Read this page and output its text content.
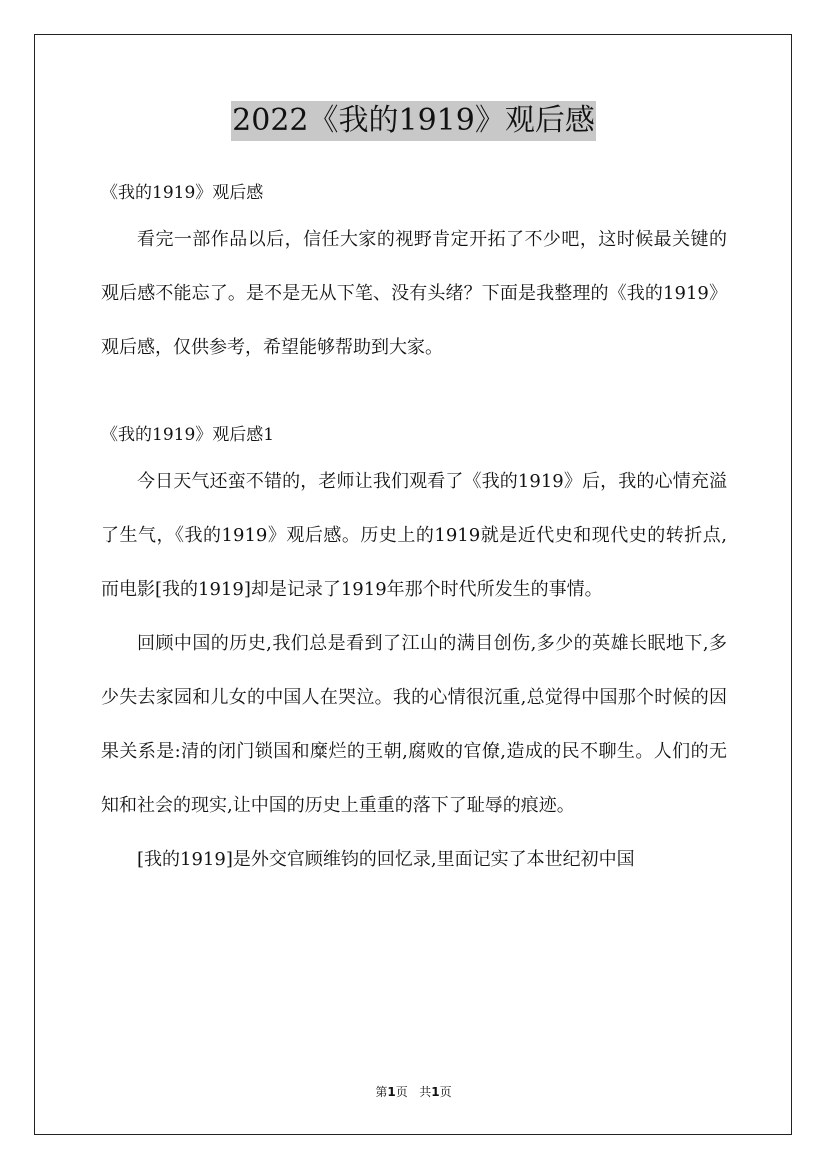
2022《我的1919》观后感

《我的1919》观后感

看完一部作品以后，信任大家的视野肯定开拓了不少吧，这时候最关键的观后感不能忘了。是不是无从下笔、没有头绪？下面是我整理的《我的1919》观后感，仅供参考，希望能够帮助到大家。

《我的1919》观后感1

今日天气还蛮不错的，老师让我们观看了《我的1919》后，我的心情充溢了生气，《我的1919》观后感。历史上的1919就是近代史和现代史的转折点,而电影[我的1919]却是记录了1919年那个时代所发生的事情。

回顾中国的历史,我们总是看到了江山的满目创伤,多少的英雄长眠地下,多少失去家园和儿女的中国人在哭泣。我的心情很沉重,总觉得中国那个时候的因果关系是:清的闭门锁国和糜烂的王朝,腐败的官僚,造成的民不聊生。人们的无知和社会的现实,让中国的历史上重重的落下了耻辱的痕迹。

[我的1919]是外交官顾维钧的回忆录,里面记实了本世纪初中国

第1页 共1页
